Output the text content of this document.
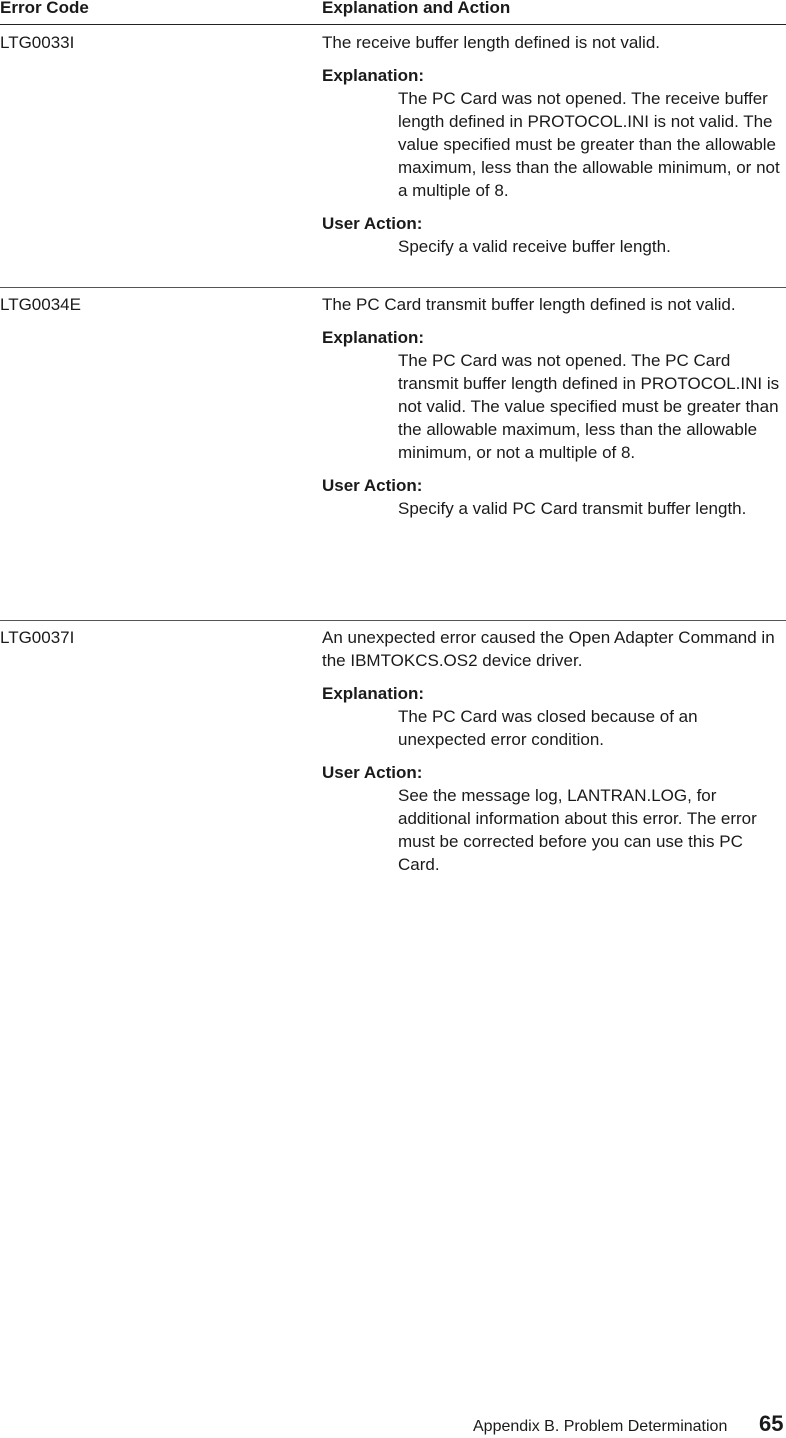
Error Code	Explanation and Action
LTG0033I	The receive buffer length defined is not valid.

Explanation:

The PC Card was not opened. The receive buffer length defined in PROTOCOL.INI is not valid. The value specified must be greater than the allowable maximum, less than the allowable minimum, or not a multiple of 8.

User Action:

Specify a valid receive buffer length.

LTG0034E	The PC Card transmit buffer length defined is not valid.

Explanation:

The PC Card was not opened. The PC Card transmit buffer length defined in PROTOCOL.INI is not valid. The value specified must be greater than the allowable maximum, less than the allowable minimum, or not a multiple of 8.

User Action:

Specify a valid PC Card transmit buffer length.

LTG0037I	An unexpected error caused the Open Adapter Command in the IBMTOKCS.OS2 device driver.

Explanation:

The PC Card was closed because of an unexpected error condition.

User Action:

See the message log, LANTRAN.LOG, for additional information about this error. The error must be corrected before you can use this PC Card.

Appendix B. Problem Determination 65
